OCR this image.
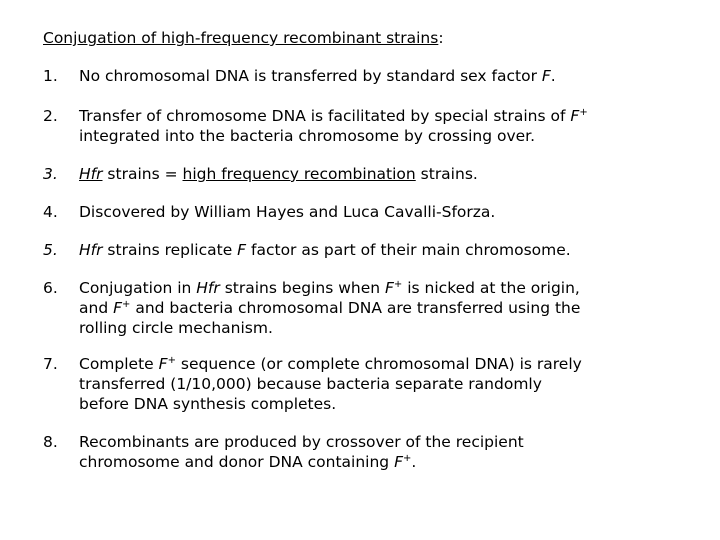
Conjugation of high-frequency recombinant strains:
1. No chromosomal DNA is transferred by standard sex factor F.
2. Transfer of chromosome DNA is facilitated by special strains of F+
integrated into the bacteria chromosome by crossing over.
3. Hfr strains = high frequency recombination strains.
4. Discovered by William Hayes and Luca Cavalli-Sforza.
5. Hfr strains replicate F factor as part of their main chromosome.
6. Conjugation in Hfr strains begins when F+ is nicked at the origin,
and F+ and bacteria chromosomal DNA are transferred using the
rolling circle mechanism.
7. Complete F+ sequence (or complete chromosomal DNA) is rarely
transferred (1/10,000) because bacteria separate randomly
before DNA synthesis completes.
8. Recombinants are produced by crossover of the recipient
chromosome and donor DNA containing F+.
